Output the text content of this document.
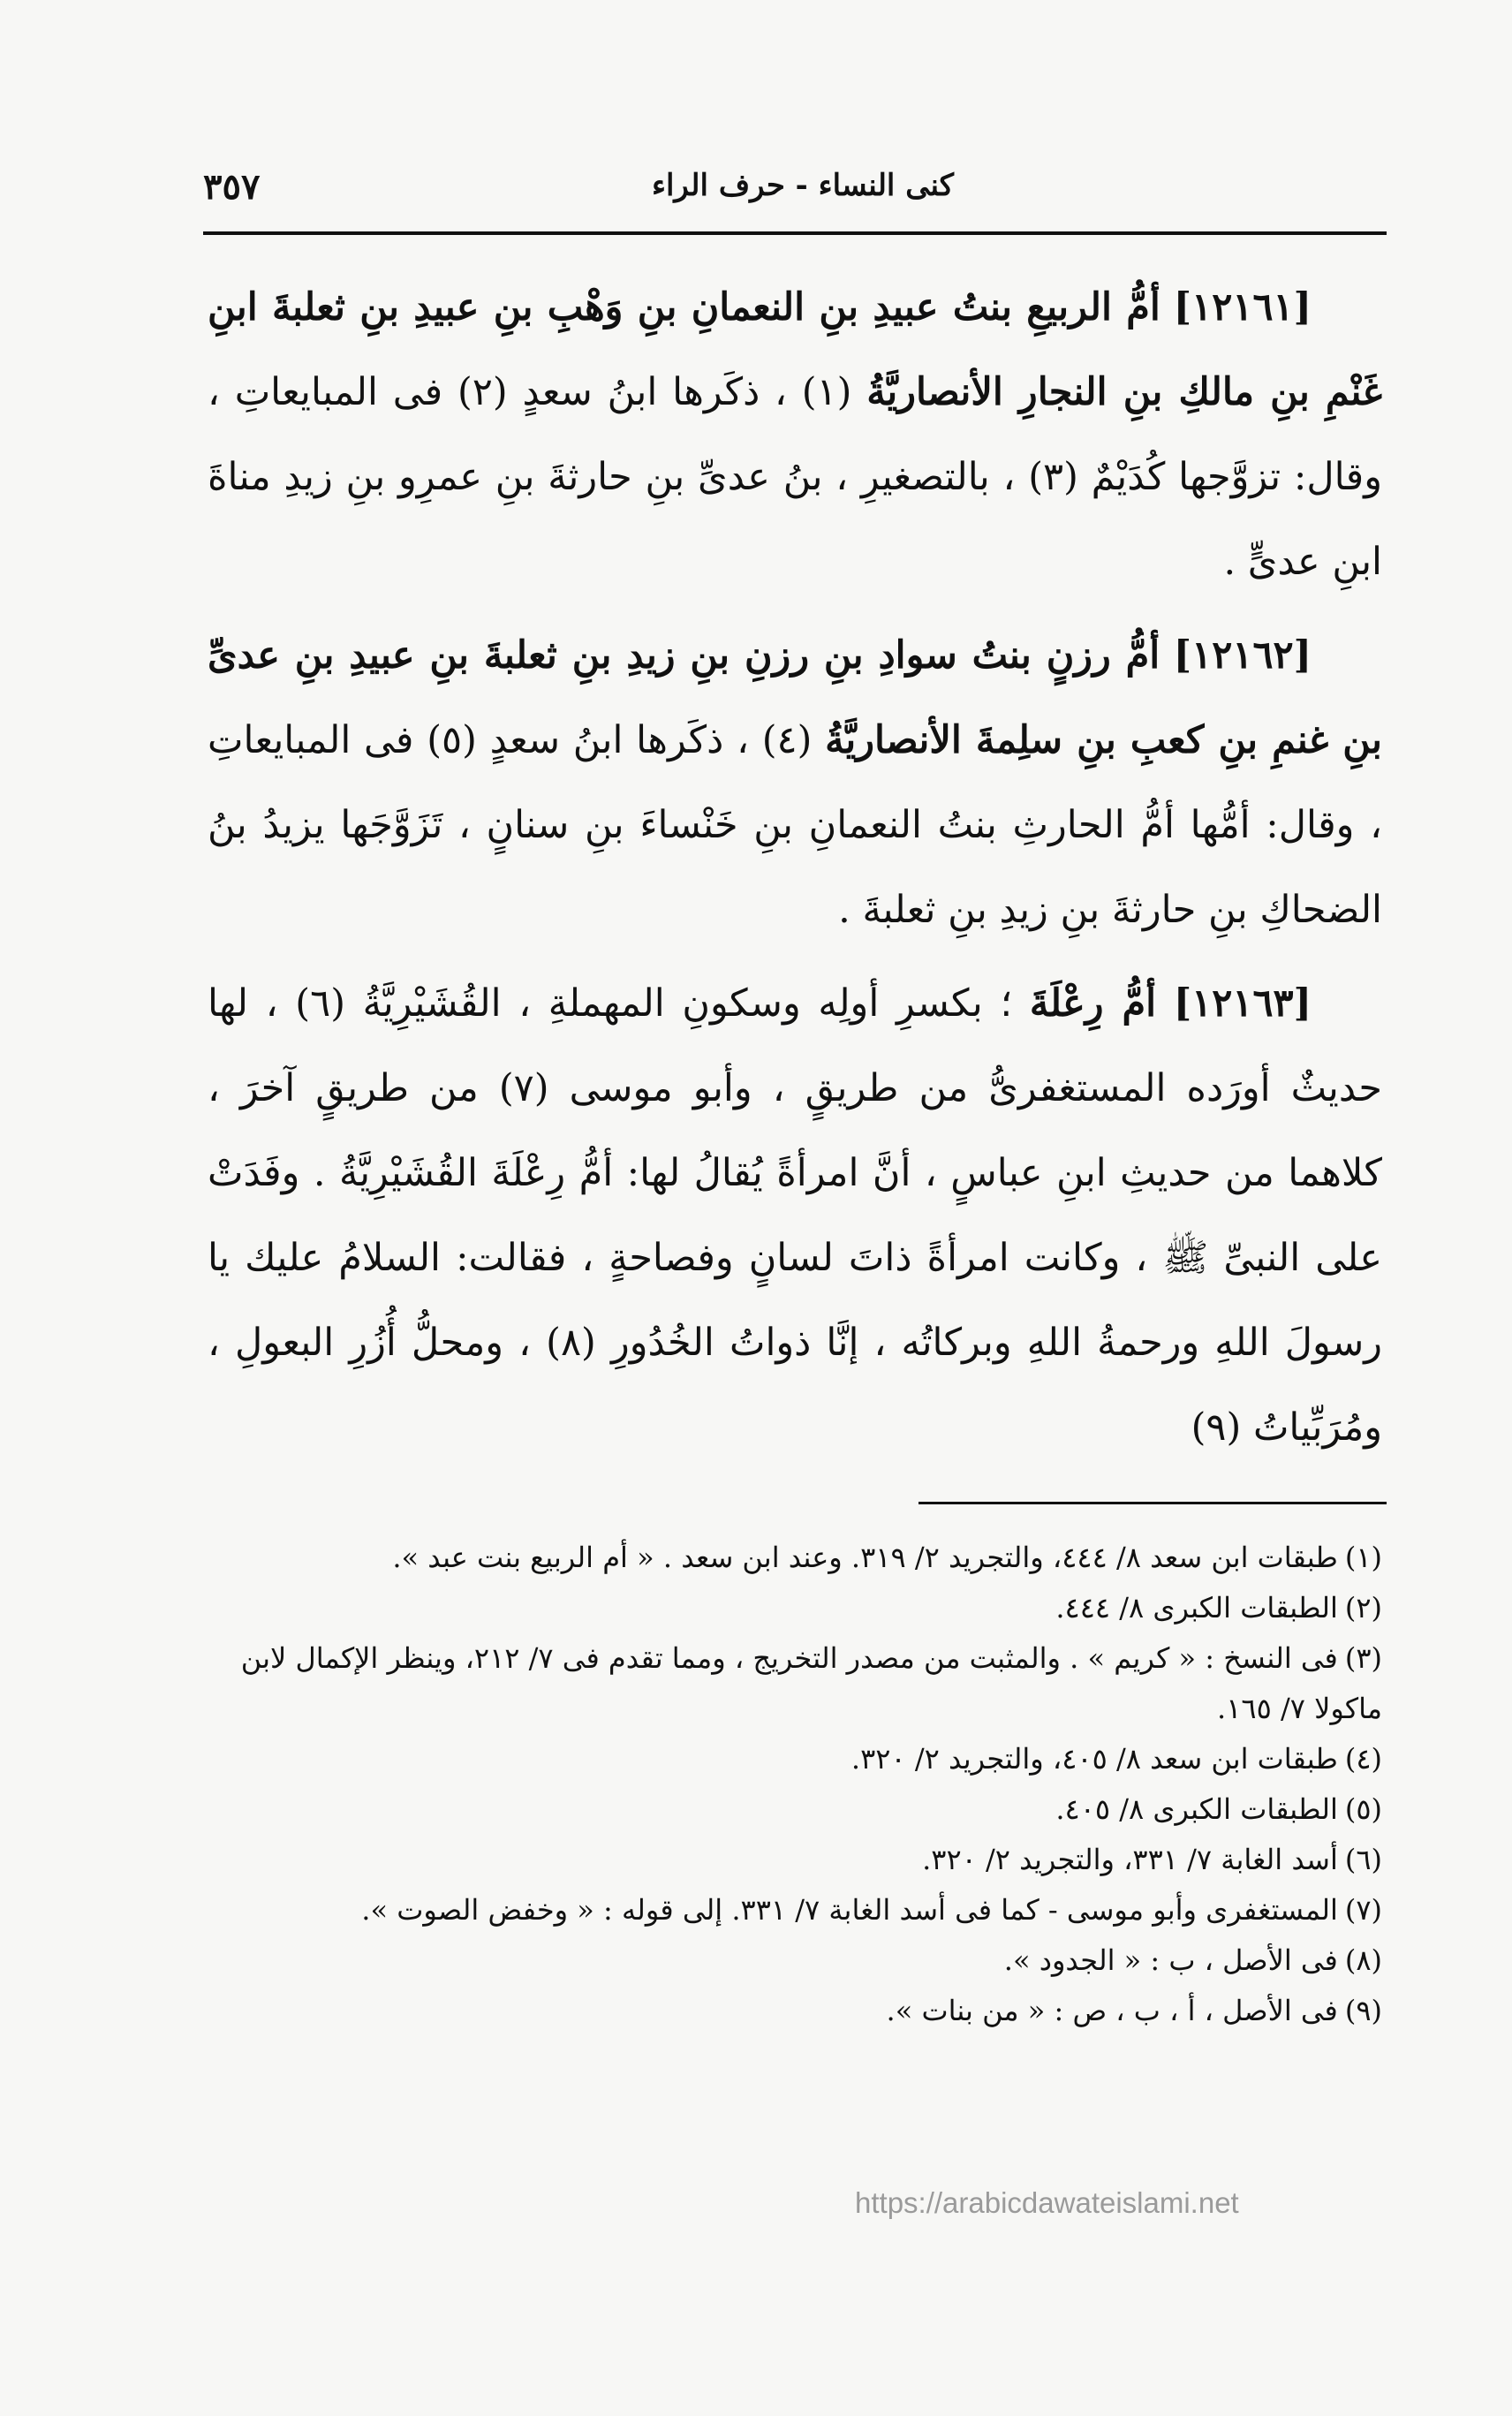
٣٥٧	كنى النساء - حرف الراء

[١٢١٦١] أمُّ الربيعِ بنتُ عبيدِ بنِ النعمانِ بنِ وَهْبِ بنِ عبيدِ بنِ ثعلبةَ ابنِ غَنْمِ بنِ مالكِ بنِ النجارِ الأنصاريَّةُ (١) ، ذكَرها ابنُ سعدٍ (٢) فى المبايعاتِ ، وقال: تزوَّجها كُدَيْمٌ (٣) ، بالتصغيرِ ، بنُ عدىِّ بنِ حارثةَ بنِ عمرِو بنِ زيدِ مناةَ ابنِ عدىٍّ .

[١٢١٦٢] أمُّ رزنٍ بنتُ سوادِ بنِ رزنِ بنِ زيدِ بنِ ثعلبةَ بنِ عبيدِ بنِ عدىِّ بنِ غنمِ بنِ كعبِ بنِ سلِمةَ الأنصاريَّةُ (٤) ، ذكَرها ابنُ سعدٍ (٥) فى المبايعاتِ ، وقال: أمُّها أمُّ الحارثِ بنتُ النعمانِ بنِ خَنْساءَ بنِ سنانٍ ، تَزَوَّجَها يزيدُ بنُ الضحاكِ بنِ حارثةَ بنِ زيدِ بنِ ثعلبةَ .

[١٢١٦٣] أمُّ رِعْلَةَ ؛ بكسرِ أولِه وسكونِ المهملةِ ، القُشَيْرِيَّةُ (٦) ، لها حديثٌ أورَده المستغفرىُّ من طريقٍ ، وأبو موسى (٧) من طريقٍ آخرَ ، كلاهما من حديثِ ابنِ عباسٍ ، أنَّ امرأةً يُقالُ لها: أمُّ رِعْلَةَ القُشَيْرِيَّةُ . وفَدَتْ على النبىِّ ﷺ ، وكانت امرأةً ذاتَ لسانٍ وفصاحةٍ ، فقالت: السلامُ عليك يا رسولَ اللهِ ورحمةُ اللهِ وبركاتُه ، إنَّا ذواتُ الخُدُورِ (٨) ، ومحلُّ أُزُرِ البعولِ ، ومُرَبِّياتُ (٩)

(١)طبقات ابن سعد ٨/ ٤٤٤، والتجريد ٢/ ٣١٩. وعند ابن سعد . « أم الربيع بنت عبد ».

(٢)الطبقات الكبرى ٨/ ٤٤٤.

(٣)فى النسخ : « كريم » . والمثبت من مصدر التخريج ، ومما تقدم فى ٧/ ٢١٢، وينظر الإكمال لابن ماكولا ٧/ ١٦٥.

(٤)طبقات ابن سعد ٨/ ٤٠٥، والتجريد ٢/ ٣٢٠.

(٥)الطبقات الكبرى ٨/ ٤٠٥.

(٦)أسد الغابة ٧/ ٣٣١، والتجريد ٢/ ٣٢٠.

(٧)المستغفرى وأبو موسى - كما فى أسد الغابة ٧/ ٣٣١. إلى قوله : « وخفض الصوت ».

(٨)فى الأصل ، ب : « الجدود ».

(٩)فى الأصل ، أ ، ب ، ص : « من بنات ».

https://arabicdawateislami.net
